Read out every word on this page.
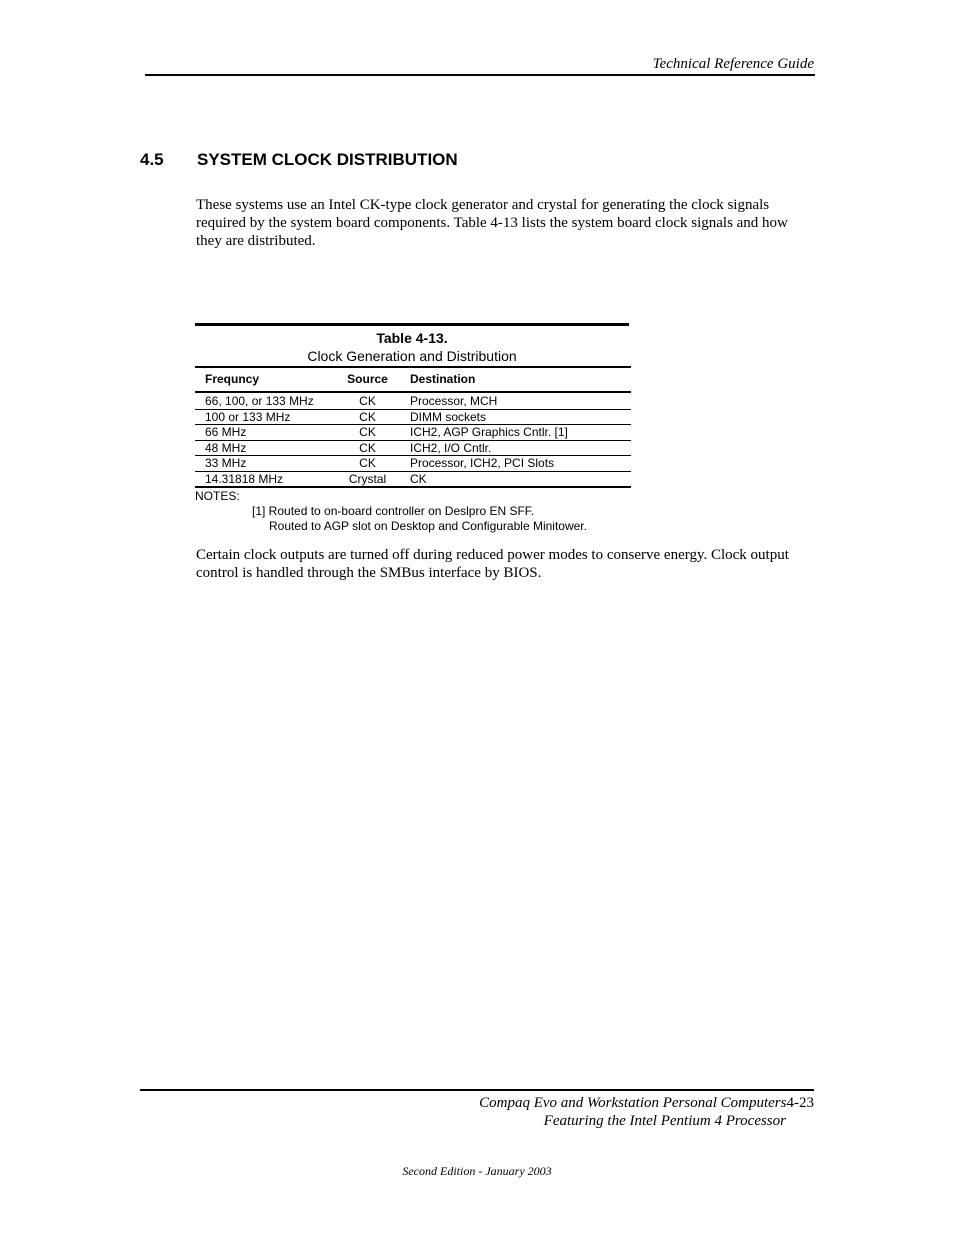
Technical Reference Guide
4.5 SYSTEM CLOCK DISTRIBUTION
These systems use an Intel CK-type clock generator and crystal for generating the clock signals required by the system board components. Table 4-13 lists the system board clock signals and how they are distributed.
Table 4-13.
Clock Generation and Distribution
Frequncy	Source	Destination
66, 100, or 133 MHz	CK	Processor, MCH
100 or 133 MHz	CK	DIMM sockets
66 MHz	CK	ICH2, AGP Graphics Cntlr. [1]
48 MHz	CK	ICH2, I/O Cntlr.
33 MHz	CK	Processor, ICH2, PCI Slots
14.31818 MHz	Crystal	CK
NOTES:
[1] Routed to on-board controller on Deslpro EN SFF.
Routed to AGP slot on Desktop and Configurable Minitower.
Certain clock outputs are turned off during reduced power modes to conserve energy. Clock output control is handled through the SMBus interface by BIOS.
Compaq Evo and Workstation Personal Computers4-23
Featuring the Intel Pentium 4 Processor
Second Edition - January 2003
